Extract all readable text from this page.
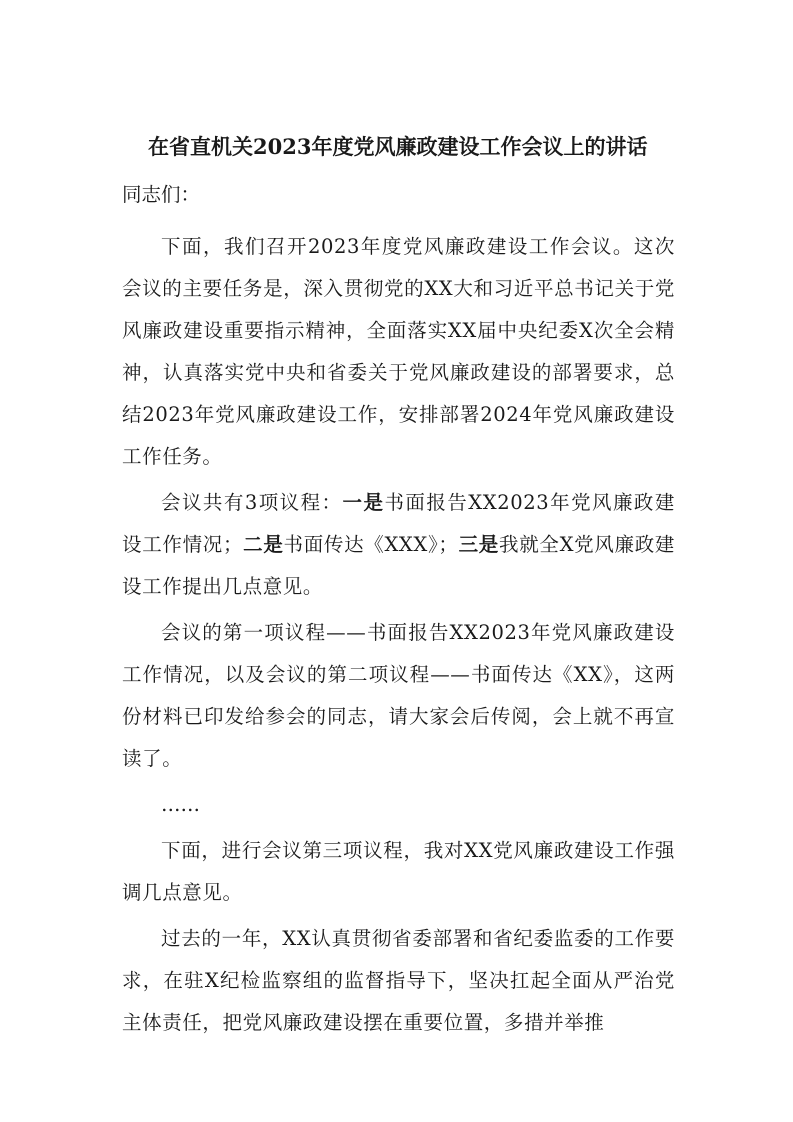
在省直机关2023年度党风廉政建设工作会议上的讲话

同志们：

下面，我们召开2023年度党风廉政建设工作会议。这次会议的主要任务是，深入贯彻党的XX大和习近平总书记关于党风廉政建设重要指示精神，全面落实XX届中央纪委X次全会精神，认真落实党中央和省委关于党风廉政建设的部署要求，总结2023年党风廉政建设工作，安排部署2024年党风廉政建设工作任务。

会议共有3项议程：一是书面报告XX2023年党风廉政建设工作情况；二是书面传达《XXX》；三是我就全X党风廉政建设工作提出几点意见。

会议的第一项议程——书面报告XX2023年党风廉政建设工作情况，以及会议的第二项议程——书面传达《XX》，这两份材料已印发给参会的同志，请大家会后传阅，会上就不再宣读了。

……

下面，进行会议第三项议程，我对XX党风廉政建设工作强调几点意见。

过去的一年，XX认真贯彻省委部署和省纪委监委的工作要求，在驻X纪检监察组的监督指导下，坚决扛起全面从严治党主体责任，把党风廉政建设摆在重要位置，多措并举推
